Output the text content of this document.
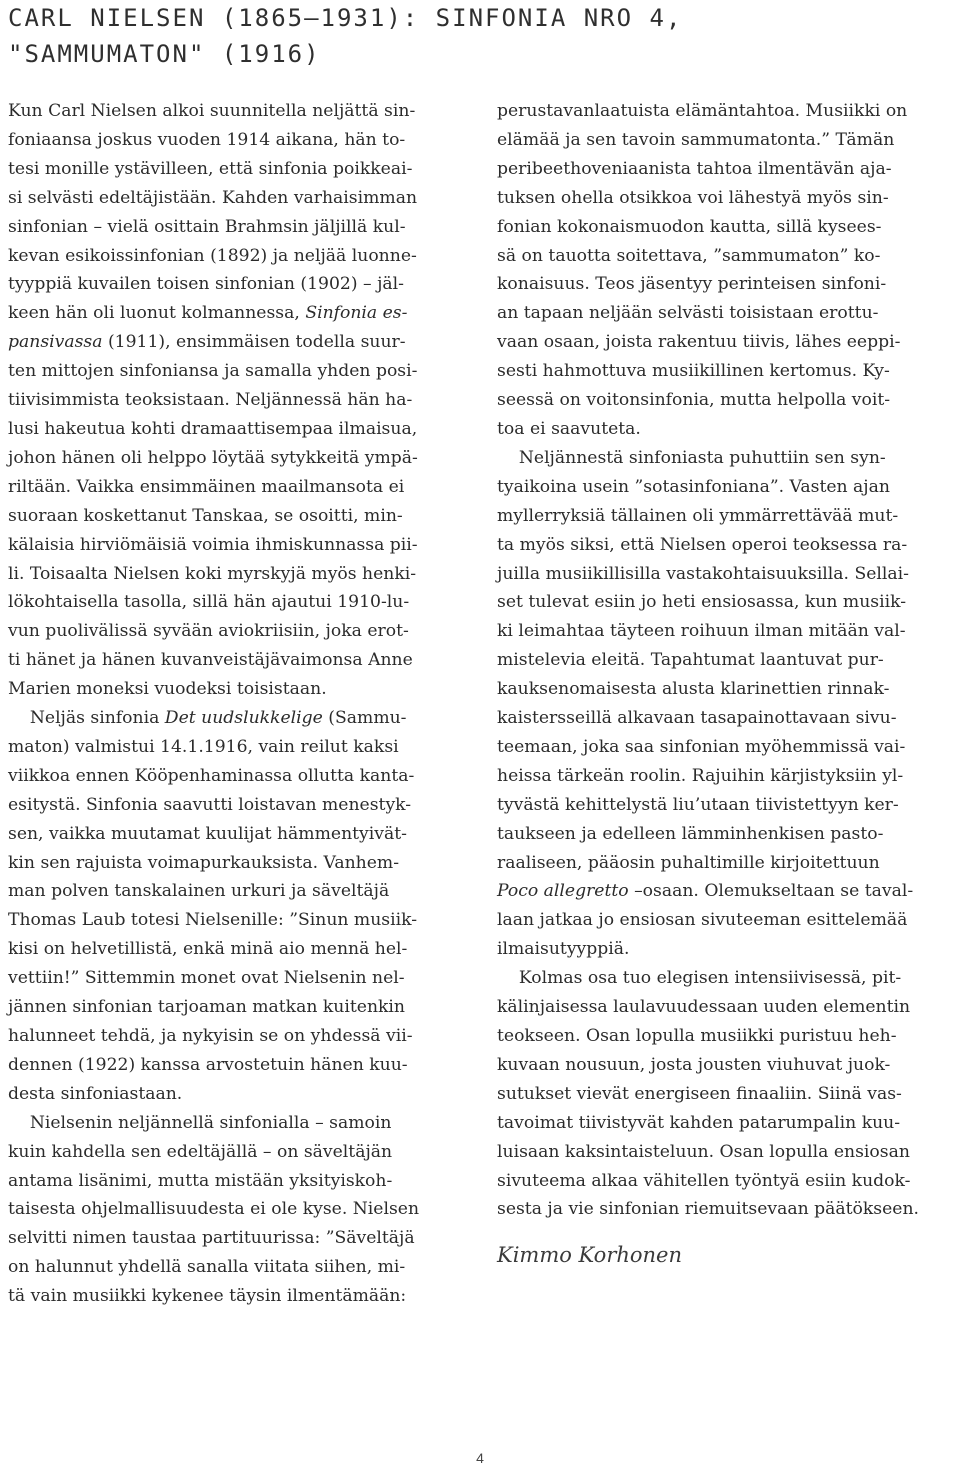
CARL NIELSEN (1865–1931): SINFONIA NRO 4,
"SAMMUMATON" (1916)
Kun Carl Nielsen alkoi suunnitella neljättä sin-
foniaansa joskus vuoden 1914 aikana, hän to-
tesi monille ystävilleen, että sinfonia poikkeai-
si selvästi edeltäjistään. Kahden varhaisimman
sinfonian – vielä osittain Brahmsin jäljillä kul-
kevan esikoissinfonian (1892) ja neljää luonne-
tyyppiä kuvailen toisen sinfonian (1902) – jäl-
keen hän oli luonut kolmannessa, Sinfonia es-
pansivassa (1911), ensimmäisen todella suur-
ten mittojen sinfoniansa ja samalla yhden posi-
tiivisimmista teoksistaan. Neljännessä hän ha-
lusi hakeutua kohti dramaattisempaa ilmaisua,
johon hänen oli helppo löytää sytykkeitä ympä-
riltään. Vaikka ensimmäinen maailmansota ei
suoraan koskettanut Tanskaa, se osoitti, min-
kälaisia hirviömäisiä voimia ihmiskunnassa pii-
li. Toisaalta Nielsen koki myrskyjä myös henki-
lökohtaisella tasolla, sillä hän ajautui 1910-lu-
vun puolivälissä syvään aviokriisiin, joka erot-
ti hänet ja hänen kuvanveistäjävaimonsa Anne
Marien moneksi vuodeksi toisistaan.
Neljäs sinfonia Det uudslukkelige (Sammu-
maton) valmistui 14.1.1916, vain reilut kaksi
viikkoa ennen Kööpenhaminassa ollutta kanta-
esitystä. Sinfonia saavutti loistavan menestyk-
sen, vaikka muutamat kuulijat hämmentyivät-
kin sen rajuista voimapurkauksista. Vanhem-
man polven tanskalainen urkuri ja säveltäjä
Thomas Laub totesi Nielsenille: ”Sinun musiik-
kisi on helvetillistä, enkä minä aio mennä hel-
vettiin!” Sittemmin monet ovat Nielsenin nel-
jännen sinfonian tarjoaman matkan kuitenkin
halunneet tehdä, ja nykyisin se on yhdessä vii-
dennen (1922) kanssa arvostetuin hänen kuu-
desta sinfoniastaan.
Nielsenin neljännellä sinfonialla – samoin
kuin kahdella sen edeltäjällä – on säveltäjän
antama lisänimi, mutta mistään yksityiskoh-
taisesta ohjelmallisuudesta ei ole kyse. Nielsen
selvitti nimen taustaa partituurissa: ”Säveltäjä
on halunnut yhdellä sanalla viitata siihen, mi-
tä vain musiikki kykenee täysin ilmentämään:
perustavanlaatuista elämäntahtoa. Musiikki on
elämää ja sen tavoin sammumatonta.” Tämän
peribeethoveniaanista tahtoa ilmentävän aja-
tuksen ohella otsikkoa voi lähestyä myös sin-
fonian kokonaismuodon kautta, sillä kysees-
sä on tauotta soitettava, ”sammumaton” ko-
konaisuus. Teos jäsentyy perinteisen sinfoni-
an tapaan neljään selvästi toisistaan erottu-
vaan osaan, joista rakentuu tiivis, lähes eeppi-
sesti hahmottuva musiikillinen kertomus. Ky-
seessä on voitonsinfonia, mutta helpolla voit-
toa ei saavuteta.
Neljännestä sinfoniasta puhuttiin sen syn-
tyaikoina usein ”sotasinfoniana”. Vasten ajan
myllerryksiä tällainen oli ymmärrettävää mut-
ta myös siksi, että Nielsen operoi teoksessa ra-
juilla musiikillisilla vastakohtaisuuksilla. Sellai-
set tulevat esiin jo heti ensiosassa, kun musiik-
ki leimahtaa täyteen roihuun ilman mitään val-
mistelevia eleitä. Tapahtumat laantuvat pur-
kauksenomaisesta alusta klarinettien rinnak-
kaistersseillä alkavaan tasapainottavaan sivu-
teemaan, joka saa sinfonian myöhemmissä vai-
heissa tärkeän roolin. Rajuihin kärjistyksiin yl-
tyvästä kehittelystä liu’utaan tiivistettyyn ker-
taukseen ja edelleen lämminhenkisen pasto-
raaliseen, pääosin puhaltimille kirjoitettuun
Poco allegretto –osaan. Olemukseltaan se taval-
laan jatkaa jo ensiosan sivuteeman esittelemää
ilmaisutyyppiä.
Kolmas osa tuo elegisen intensiivisessä, pit-
kälinjaisessa laulavuudessaan uuden elementin
teokseen. Osan lopulla musiikki puristuu heh-
kuvaan nousuun, josta jousten viuhuvat juok-
sutukset vievät energiseen finaaliin. Siinä vas-
tavoimat tiivistyvät kahden patarumpalin kuu-
luisaan kaksintaisteluun. Osan lopulla ensiosan
sivuteema alkaa vähitellen työntyä esiin kudok-
sesta ja vie sinfonian riemuitsevaan päätökseen.
Kimmo Korhonen
4
